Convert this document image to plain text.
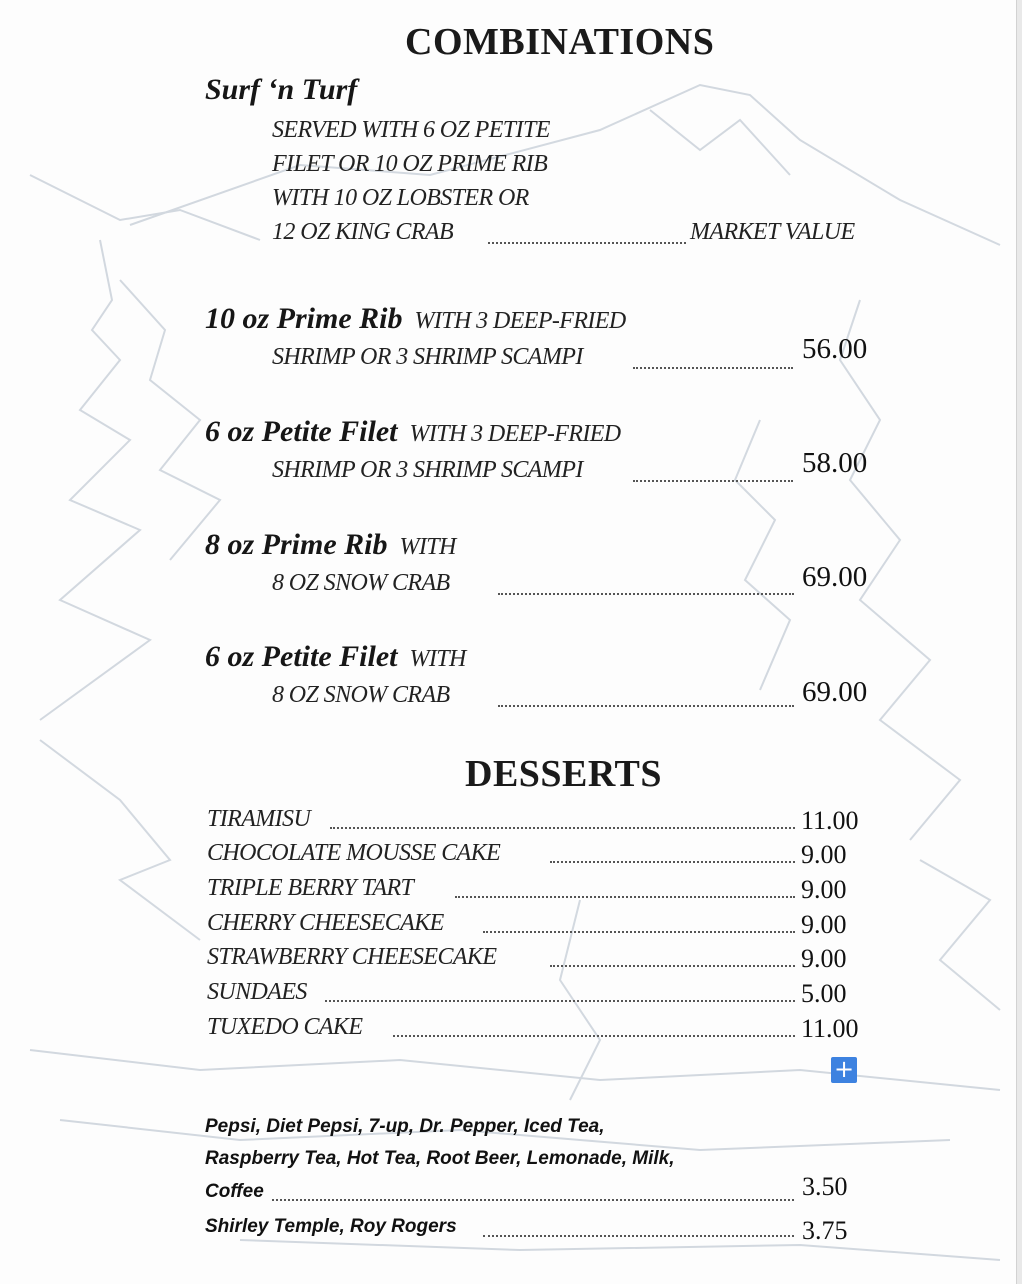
COMBINATIONS
Surf ‘n Turf
SERVED WITH 6 OZ PETITE
FILET OR 10 OZ PRIME RIB
WITH 10 OZ LOBSTER OR
12 OZ KING CRAB	MARKET VALUE
10 oz Prime Rib WITH 3 DEEP-FRIED
SHRIMP OR 3 SHRIMP SCAMPI	56.00
6 oz Petite Filet WITH 3 DEEP-FRIED
SHRIMP OR 3 SHRIMP SCAMPI	58.00
8 oz Prime Rib WITH
8 OZ SNOW CRAB	69.00
6 oz Petite Filet WITH
8 OZ SNOW CRAB	69.00
DESSERTS
TIRAMISU	11.00
CHOCOLATE MOUSSE CAKE	9.00
TRIPLE BERRY TART	9.00
CHERRY CHEESECAKE	9.00
STRAWBERRY CHEESECAKE	9.00
SUNDAES	5.00
TUXEDO CAKE	11.00
+
Pepsi, Diet Pepsi, 7-up, Dr. Pepper, Iced Tea,
Raspberry Tea, Hot Tea, Root Beer, Lemonade, Milk,
Coffee	3.50
Shirley Temple, Roy Rogers	3.75
